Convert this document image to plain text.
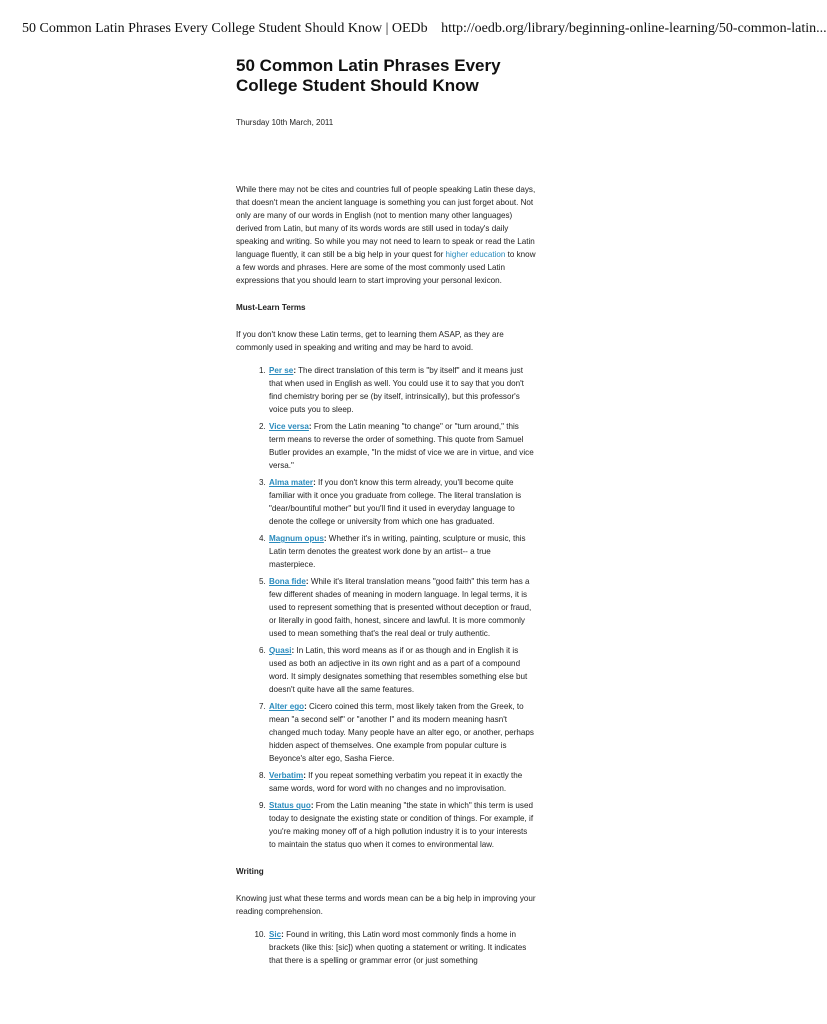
50 Common Latin Phrases Every College Student Should Know | OEDb http://oedb.org/library/beginning-online-learning/50-common-latin...
50 Common Latin Phrases Every College Student Should Know
Thursday 10th March, 2011

While there may not be cites and countries full of people speaking Latin these days, that doesn't mean the ancient language is something you can just forget about. Not only are many of our words in English (not to mention many other languages) derived from Latin, but many of its words words are still used in today's daily speaking and writing. So while you may not need to learn to speak or read the Latin language fluently, it can still be a big help in your quest for higher education to know a few words and phrases. Here are some of the most commonly used Latin expressions that you should learn to start improving your personal lexicon.

Must-Learn Terms

If you don't know these Latin terms, get to learning them ASAP, as they are commonly used in speaking and writing and may be hard to avoid.

1. Per se: The direct translation of this term is "by itself" and it means just that when used in English as well. You could use it to say that you don't find chemistry boring per se (by itself, intrinsically), but this professor's voice puts you to sleep.
2. Vice versa: From the Latin meaning "to change" or "turn around," this term means to reverse the order of something. This quote from Samuel Butler provides an example, "In the midst of vice we are in virtue, and vice versa."
3. Alma mater: If you don't know this term already, you'll become quite familiar with it once you graduate from college. The literal translation is "dear/bountiful mother" but you'll find it used in everyday language to denote the college or university from which one has graduated.
4. Magnum opus: Whether it's in writing, painting, sculpture or music, this Latin term denotes the greatest work done by an artist-- a true masterpiece.
5. Bona fide: While it's literal translation means "good faith" this term has a few different shades of meaning in modern language. In legal terms, it is used to represent something that is presented without deception or fraud, or literally in good faith, honest, sincere and lawful. It is more commonly used to mean something that's the real deal or truly authentic.
6. Quasi: In Latin, this word means as if or as though and in English it is used as both an adjective in its own right and as a part of a compound word. It simply designates something that resembles something else but doesn't quite have all the same features.
7. Alter ego: Cicero coined this term, most likely taken from the Greek, to mean "a second self" or "another I" and its modern meaning hasn't changed much today. Many people have an alter ego, or another, perhaps hidden aspect of themselves. One example from popular culture is Beyonce's alter ego, Sasha Fierce.
8. Verbatim: If you repeat something verbatim you repeat it in exactly the same words, word for word with no changes and no improvisation.
9. Status quo: From the Latin meaning "the state in which" this term is used today to designate the existing state or condition of things. For example, if you're making money off of a high pollution industry it is to your interests to maintain the status quo when it comes to environmental law.
Writing

Knowing just what these terms and words mean can be a big help in improving your reading comprehension.

10. Sic: Found in writing, this Latin word most commonly finds a home in brackets (like this: [sic]) when quoting a statement or writing. It indicates that there is a spelling or grammar error (or just something
